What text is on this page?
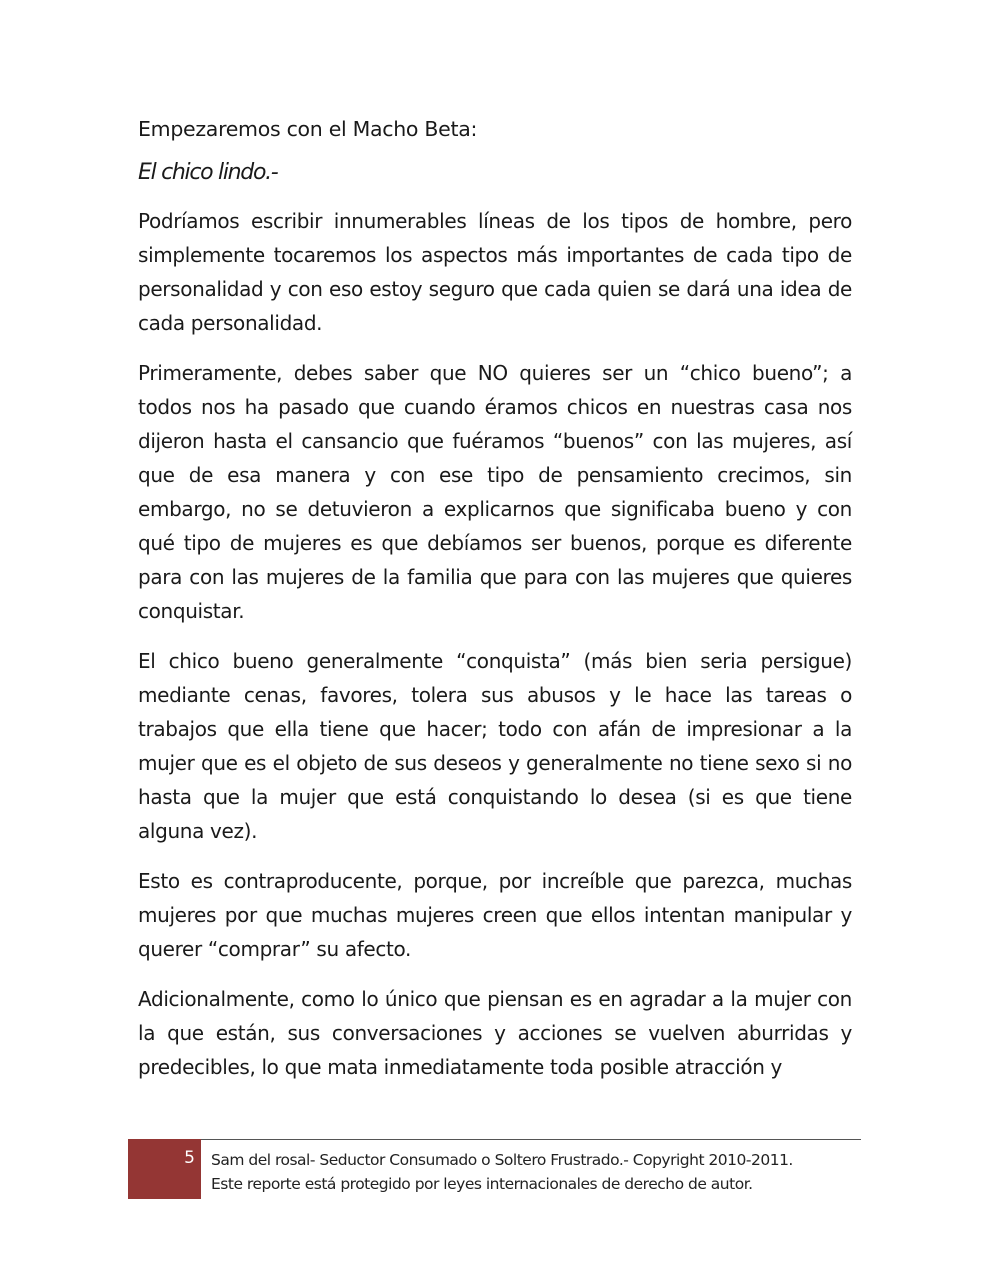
Empezaremos con el Macho Beta:

El chico lindo.-

Podríamos escribir innumerables líneas de los tipos de hombre, pero simplemente tocaremos los aspectos más importantes de cada tipo de personalidad y con eso estoy seguro que cada quien se dará una idea de cada personalidad.

Primeramente, debes saber que NO quieres ser un “chico bueno”; a todos nos ha pasado que cuando éramos chicos en nuestras casa nos dijeron hasta el cansancio que fuéramos “buenos” con las mujeres, así que de esa manera y con ese tipo de pensamiento crecimos, sin embargo, no se detuvieron a explicarnos que significaba bueno y con qué tipo de mujeres es que debíamos ser buenos, porque es diferente para con las mujeres de la familia que para con las mujeres que quieres conquistar.

El chico bueno generalmente “conquista” (más bien seria persigue) mediante cenas, favores, tolera sus abusos y le hace las tareas o trabajos que ella tiene que hacer; todo con afán de impresionar a la mujer que es el objeto de sus deseos y generalmente no tiene sexo si no hasta que la mujer que está conquistando lo desea (si es que tiene alguna vez).

Esto es contraproducente, porque, por increíble que parezca, muchas mujeres por que muchas mujeres creen que ellos intentan manipular y querer “comprar” su afecto.

Adicionalmente, como lo único que piensan es en agradar a la mujer con la que están, sus conversaciones y acciones se vuelven aburridas y predecibles, lo que mata inmediatamente toda posible atracción y

5 Sam del rosal- Seductor Consumado o Soltero Frustrado.- Copyright 2010-2011.
Este reporte está protegido por leyes internacionales de derecho de autor.
